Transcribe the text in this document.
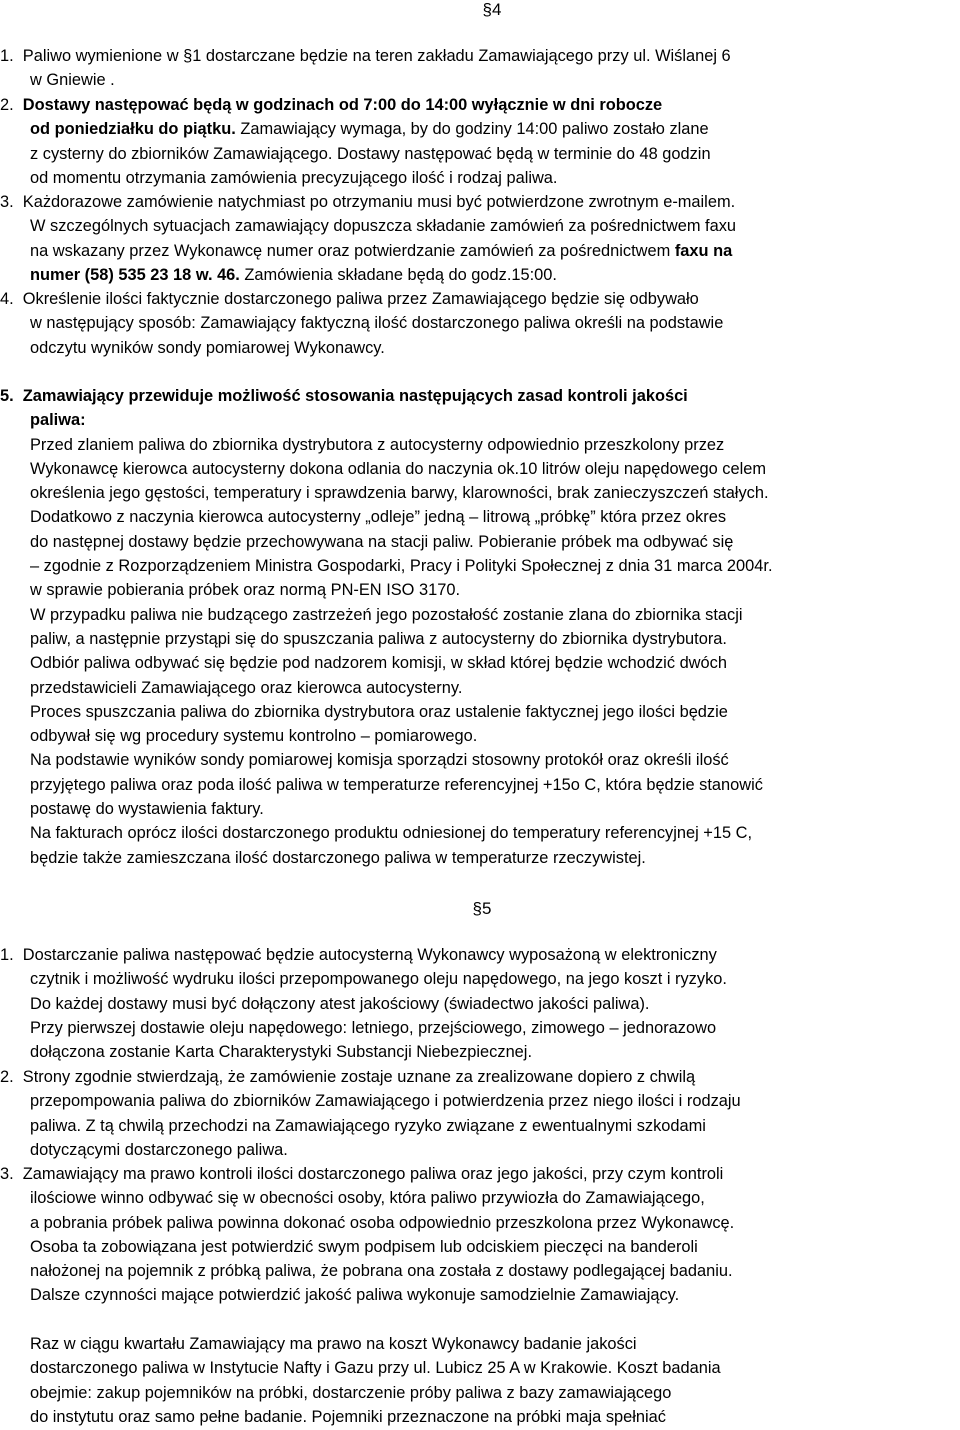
§4
1. Paliwo wymienione w §1 dostarczane będzie na teren zakładu Zamawiającego przy ul. Wiślanej 6
w Gniewie .
2. Dostawy następować będą w godzinach od 7:00 do 14:00 wyłącznie w dni robocze
od poniedziałku do piątku. Zamawiający wymaga, by do godziny 14:00 paliwo zostało zlane
z cysterny do zbiorników Zamawiającego. Dostawy następować będą w terminie do 48 godzin
od momentu otrzymania zamówienia precyzującego ilość i rodzaj paliwa.
3. Każdorazowe zamówienie natychmiast po otrzymaniu musi być potwierdzone zwrotnym e-mailem.
W szczególnych sytuacjach zamawiający dopuszcza składanie zamówień za pośrednictwem faxu
na wskazany przez Wykonawcę numer oraz potwierdzanie zamówień za pośrednictwem faxu na
numer (58) 535 23 18 w. 46. Zamówienia składane będą do godz.15:00.
4. Określenie ilości faktycznie dostarczonego paliwa przez Zamawiającego będzie się odbywało
w następujący sposób: Zamawiający faktyczną ilość dostarczonego paliwa określi na podstawie
odczytu wyników sondy pomiarowej Wykonawcy.
5. Zamawiający przewiduje możliwość stosowania następujących zasad kontroli jakości
paliwa:
Przed zlaniem paliwa do zbiornika dystrybutora z autocysterny odpowiednio przeszkolony przez
Wykonawcę kierowca autocysterny dokona odlania do naczynia ok.10 litrów oleju napędowego celem
określenia jego gęstości, temperatury i sprawdzenia barwy, klarowności, brak zanieczyszczeń stałych.
Dodatkowo z naczynia kierowca autocysterny „odleje” jedną – litrową „próbkę” która przez okres
do następnej dostawy będzie przechowywana na stacji paliw. Pobieranie próbek ma odbywać się
– zgodnie z Rozporządzeniem Ministra Gospodarki, Pracy i Polityki Społecznej z dnia 31 marca 2004r.
w sprawie pobierania próbek oraz normą PN-EN ISO 3170.
W przypadku paliwa nie budzącego zastrzeżeń jego pozostałość zostanie zlana do zbiornika stacji
paliw, a następnie przystąpi się do spuszczania paliwa z autocysterny do zbiornika dystrybutora.
Odbiór paliwa odbywać się będzie pod nadzorem komisji, w skład której będzie wchodzić dwóch
przedstawicieli Zamawiającego oraz kierowca autocysterny.
Proces spuszczania paliwa do zbiornika dystrybutora oraz ustalenie faktycznej jego ilości będzie
odbywał się wg procedury systemu kontrolno – pomiarowego.
Na podstawie wyników sondy pomiarowej komisja sporządzi stosowny protokół oraz określi ilość
przyjętego paliwa oraz poda ilość paliwa w temperaturze referencyjnej +15o C, która będzie stanowić
postawę do wystawienia faktury.
Na fakturach oprócz ilości dostarczonego produktu odniesionej do temperatury referencyjnej +15 C,
będzie także zamieszczana ilość dostarczonego paliwa w temperaturze rzeczywistej.
§5
1. Dostarczanie paliwa następować będzie autocysterną Wykonawcy wyposażoną w elektroniczny
czytnik i możliwość wydruku ilości przepompowanego oleju napędowego, na jego koszt i ryzyko.
Do każdej dostawy musi być dołączony atest jakościowy (świadectwo jakości paliwa).
Przy pierwszej dostawie oleju napędowego: letniego, przejściowego, zimowego – jednorazowo
dołączona zostanie Karta Charakterystyki Substancji Niebezpiecznej.
2. Strony zgodnie stwierdzają, że zamówienie zostaje uznane za zrealizowane dopiero z chwilą
przepompowania paliwa do zbiorników Zamawiającego i potwierdzenia przez niego ilości i rodzaju
paliwa. Z tą chwilą przechodzi na Zamawiającego ryzyko związane z ewentualnymi szkodami
dotyczącymi dostarczonego paliwa.
3. Zamawiający ma prawo kontroli ilości dostarczonego paliwa oraz jego jakości, przy czym kontroli
ilościowe winno odbywać się w obecności osoby, która paliwo przywiozła do Zamawiającego,
a pobrania próbek paliwa powinna dokonać osoba odpowiednio przeszkolona przez Wykonawcę.
Osoba ta zobowiązana jest potwierdzić swym podpisem lub odciskiem pieczęci na banderoli
nałożonej na pojemnik z próbką paliwa, że pobrana ona została z dostawy podlegającej badaniu.
Dalsze czynności mające potwierdzić jakość paliwa wykonuje samodzielnie Zamawiający.
Raz w ciągu kwartału Zamawiający ma prawo na koszt Wykonawcy badanie jakości
dostarczonego paliwa w Instytucie Nafty i Gazu przy ul. Lubicz 25 A w Krakowie. Koszt badania
obejmie: zakup pojemników na próbki, dostarczenie próby paliwa z bazy zamawiającego
do instytutu oraz samo pełne badanie. Pojemniki przeznaczone na próbki maja spełniać
